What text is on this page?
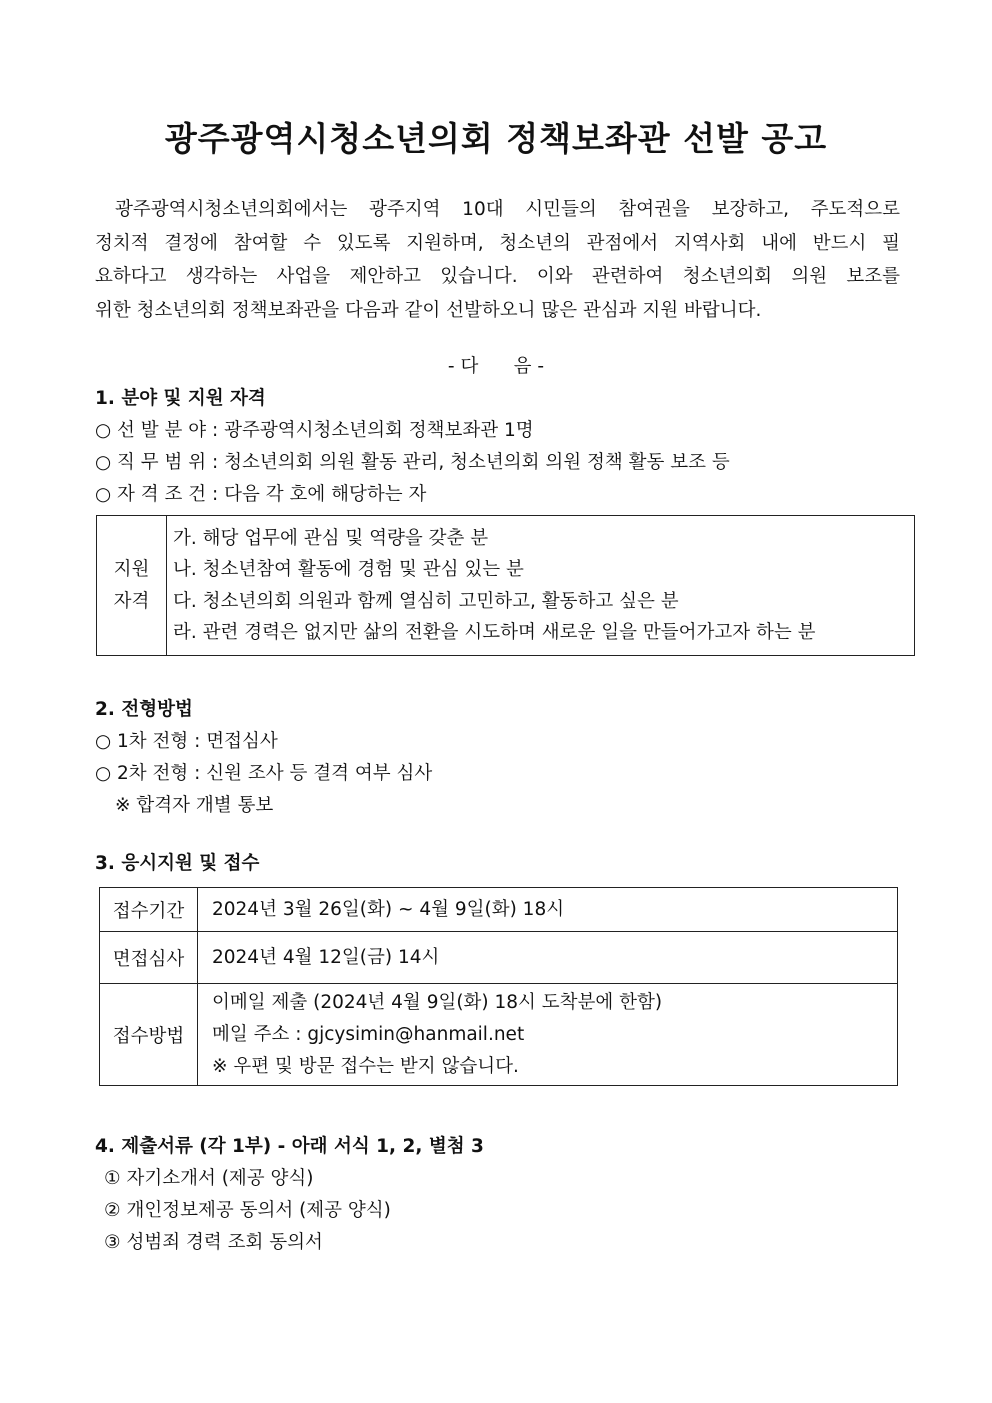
광주광역시청소년의회 정책보좌관 선발 공고
광주광역시청소년의회에서는 광주지역 10대 시민들의 참여권을 보장하고, 주도적으로
정치적 결정에 참여할 수 있도록 지원하며, 청소년의 관점에서 지역사회 내에 반드시 필
요하다고 생각하는 사업을 제안하고 있습니다. 이와 관련하여 청소년의회 의원 보조를
위한 청소년의회 정책보좌관을 다음과 같이 선발하오니 많은 관심과 지원 바랍니다.
- 다      음 -
1. 분야 및 지원 자격
○ 선 발 분 야 : 광주광역시청소년의회 정책보좌관 1명
○ 직 무 범 위 : 청소년의회 의원 활동 관리, 청소년의회 의원 정책 활동 보조 등
○ 자 격 조 건 : 다음 각 호에 해당하는 자
지원
자격

가. 해당 업무에 관심 및 역량을 갖춘 분
나. 청소년참여 활동에 경험 및 관심 있는 분
다. 청소년의회 의원과 함께 열심히 고민하고, 활동하고 싶은 분
라. 관련 경력은 없지만 삶의 전환을 시도하며 새로운 일을 만들어가고자 하는 분
2. 전형방법
○ 1차 전형 : 면접심사
○ 2차 전형 : 신원 조사 등 결격 여부 심사
※ 합격자 개별 통보
3. 응시지원 및 접수
접수기간	2024년 3월 26일(화) ~ 4월 9일(화) 18시

면접심사	2024년 4월 12일(금) 14시

접수방법	이메일 제출 (2024년 4월 9일(화) 18시 도착분에 한함)
메일 주소 : gjcysimin@hanmail.net
※ 우편 및 방문 접수는 받지 않습니다.
4. 제출서류 (각 1부) - 아래 서식 1, 2, 별첨 3
① 자기소개서 (제공 양식)
② 개인정보제공 동의서 (제공 양식)
③ 성범죄 경력 조회 동의서
